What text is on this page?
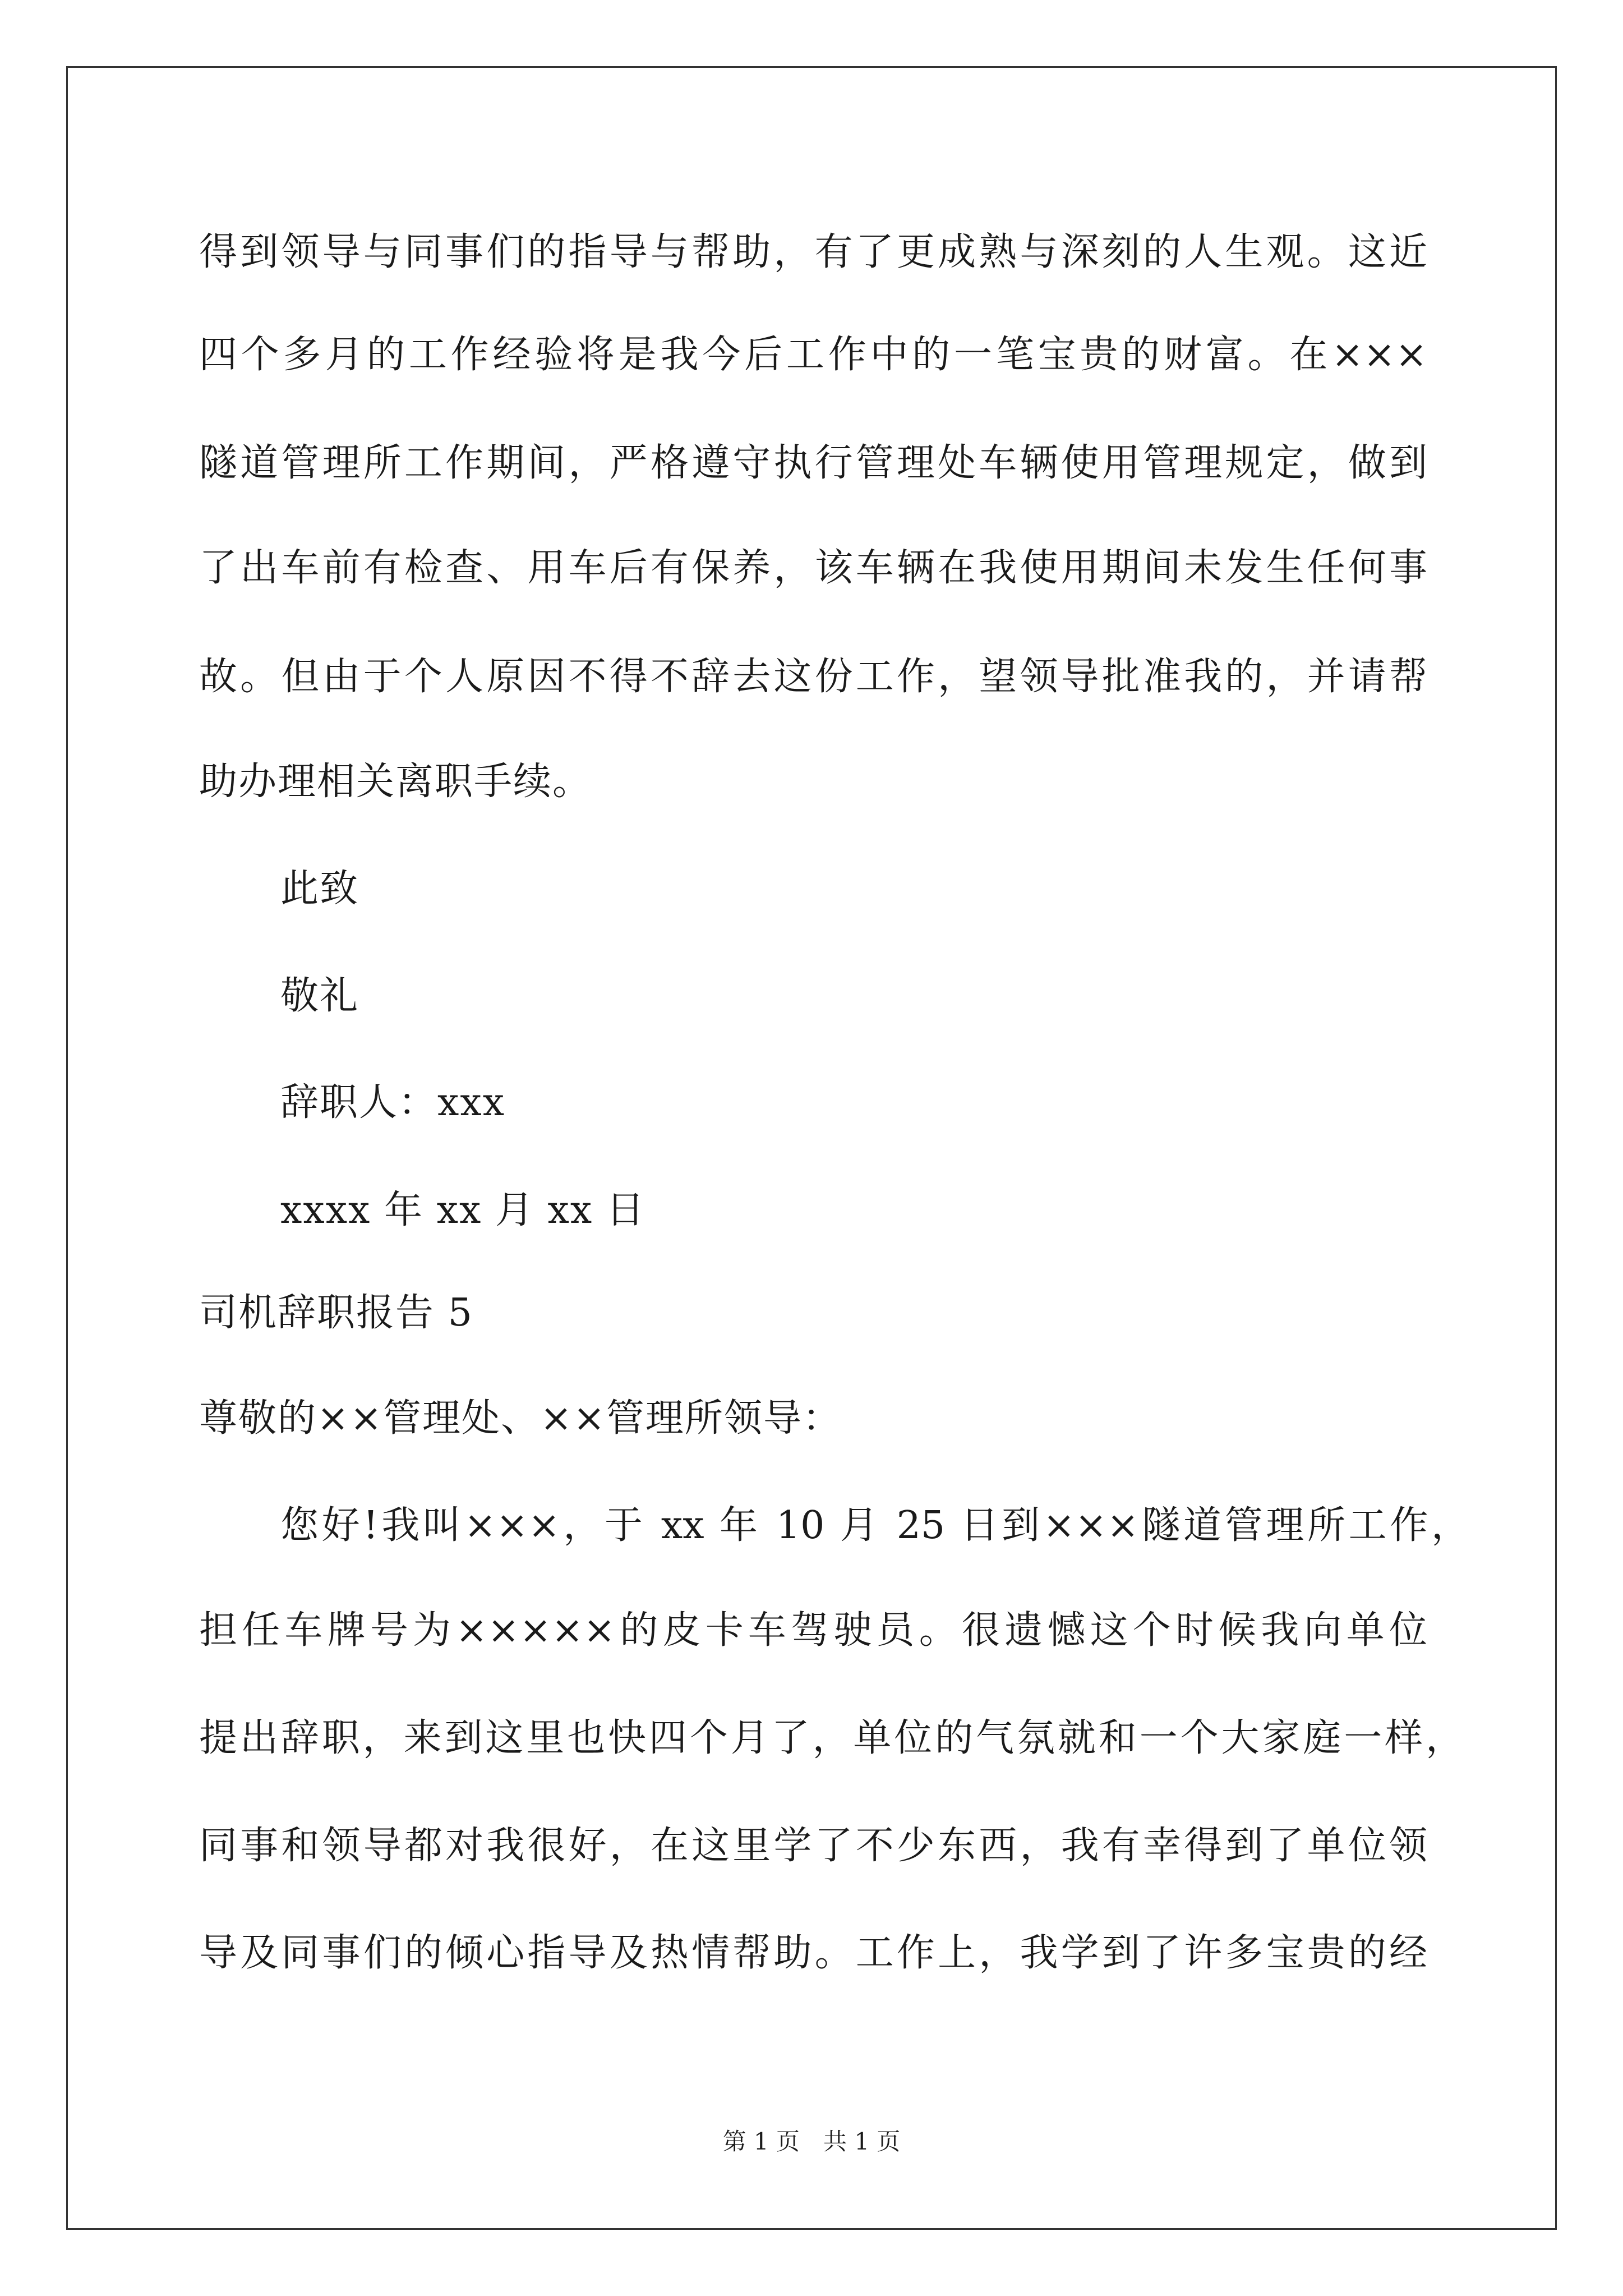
得到领导与同事们的指导与帮助，有了更成熟与深刻的人生观。这近
四个多月的工作经验将是我今后工作中的一笔宝贵的财富。在×××
隧道管理所工作期间，严格遵守执行管理处车辆使用管理规定，做到
了出车前有检查、用车后有保养，该车辆在我使用期间未发生任何事
故。但由于个人原因不得不辞去这份工作，望领导批准我的，并请帮
助办理相关离职手续。
此致
敬礼
辞职人：xxx
xxxx 年 xx 月 xx 日
司机辞职报告 5
尊敬的××管理处、××管理所领导：
您好!我叫×××，于 xx 年 10 月 25 日到×××隧道管理所工作，
担任车牌号为×××××的皮卡车驾驶员。很遗憾这个时候我向单位
提出辞职，来到这里也快四个月了，单位的气氛就和一个大家庭一样，
同事和领导都对我很好，在这里学了不少东西，我有幸得到了单位领
导及同事们的倾心指导及热情帮助。工作上，我学到了许多宝贵的经
第 1 页　共 1 页
